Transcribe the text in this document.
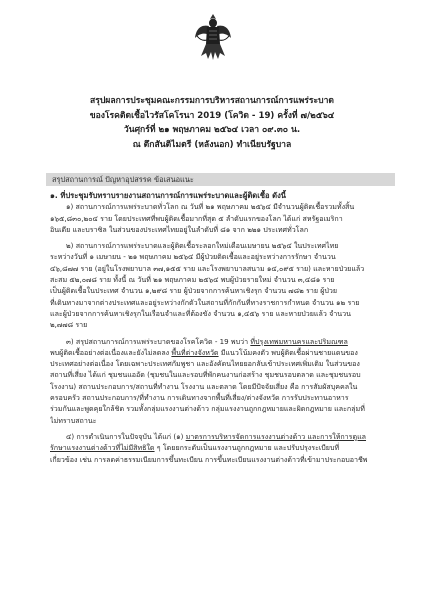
สรุปผลการประชุมคณะกรรมการบริหารสถานการณ์การแพร่ระบาด
ของโรคติดเชื้อไวรัสโคโรนา 2019 (โควิด - 19) ครั้งที่ ๗/๒๕๖๔
วันศุกร์ที่ ๒๑ พฤษภาคม ๒๕๖๔ เวลา ๐๙.๓๐ น.
ณ ตึกสันติไมตรี (หลังนอก) ทำเนียบรัฐบาล
สรุปสถานการณ์ ปัญหาอุปสรรค ข้อเสนอแนะ
๑. ที่ประชุมรับทราบรายงานสถานการณ์การแพร่ระบาดและผู้ติดเชื้อ ดังนี้
๑) สถานการณ์การแพร่ระบาดทั่วโลก ณ วันที่ ๒๑ พฤษภาคม ๒๕๖๔ มีจำนวนผู้ติดเชื้อรวมทั้งสิ้น
๑๖๕,๘๓๐,๒๐๔ ราย โดยประเทศที่พบผู้ติดเชื้อมากที่สุด ๕ ลำดับแรกของโลก ได้แก่ สหรัฐอเมริกา
อินเดีย และบราซิล ในส่วนของประเทศไทยอยู่ในลำดับที่ ๘๑ จาก ๒๒๑ ประเทศทั่วโลก
๒) สถานการณ์การแพร่ระบาดและผู้ติดเชื้อระลอกใหม่เดือนเมษายน ๒๕๖๔ ในประเทศไทย
ระหว่างวันที่ ๑ เมษายน - ๒๑ พฤษภาคม ๒๕๖๔ มีผู้ป่วยติดเชื้อและอยู่ระหว่างการรักษา จำนวน
๔๖,๘๗๗ ราย (อยู่ในโรงพยาบาล ๓๗,๑๕๕ ราย และโรงพยาบาลสนาม ๑๔,๐๙๕ ราย) และหายป่วยแล้ว
สะสม ๕๒,๐๗๘ ราย ทั้งนี้ ณ วันที่ ๒๑ พฤษภาคม ๒๕๖๔ พบผู้ป่วยรายใหม่ จำนวน ๓,๔๘๑ ราย
เป็นผู้ติดเชื้อในประเทศ จำนวน ๑,๒๙๘ ราย ผู้ป่วยจากการค้นหาเชิงรุก จำนวน ๗๘๒ ราย ผู้ป่วย
ที่เดินทางมาจากต่างประเทศและอยู่ระหว่างกักตัวในสถานที่กักกันที่ทางราชการกำหนด จำนวน ๑๒ ราย
และผู้ป่วยจากการค้นหาเชิงรุกในเรือนจำและที่ต้องขัง จำนวน ๑,๔๕๖ ราย และหายป่วยแล้ว จำนวน
๒,๗๗๘ ราย
๓) สรุปสถานการณ์การแพร่ระบาดของโรคโควิด - 19 พบว่า ที่ปรุงเทพมหานครและปริมณฑล
พบผู้ติดเชื้ออย่างต่อเนื่องและยังไม่ลดลง พื้นที่ต่างจังหวัด มีแนวโน้มคงตัว พบผู้ติดเชื้อผ่านชายแดนของ
ประเทศอย่างต่อเนื่อง โดยเฉพาะประเทศกัมพูชา และอังคัดนไทยยอกลับเข้าประเทศเพิ่มเติม ในส่วนของ
สถานที่เสี่ยง ได้แก่ ชุมชนแออัด (ชุมชนในและรอบที่พักคนงานก่อสร้าง ชุมชนรอบตลาด และชุมชนรอบ
โรงงาน) สถานประกอบการ/สถานที่ทำงาน โรงงาน และตลาด โดยมีปัจจัยเสี่ยง คือ การสัมผัสบุคคลใน
ครอบครัว สถานประกอบการ/ที่ทำงาน การเดินทางจากพื้นที่เสี่ยง/ต่างจังหวัด การรับประทานอาหาร
ร่วมกันและพูดคุยใกล้ชิด รวมทั้งกลุ่มแรงงานต่างด้าว กลุ่มแรงงานถูกกฎหมายและผิดกฎหมาย และกลุ่มที่
ไม่ทราบสถานะ
๔) การดำเนินการในปัจจุบัน ได้แก่ (๑) มาตรการบริหารจัดการแรงงานต่างด้าว และการให้การดูแล
รักษาแรงงานต่างด้าวที่ไม่มีสิทธิใด ๆ โดยยกระดับเป็นแรงงานถูกกฎหมาย และปรับปรุงระเบียบที่
เกี่ยวข้อง เช่น การลดค่าธรรมเนียมการขึ้นทะเบียน การขึ้นทะเบียนแรงงานต่างด้าวที่เข้ามาประกอบอาชีพ
